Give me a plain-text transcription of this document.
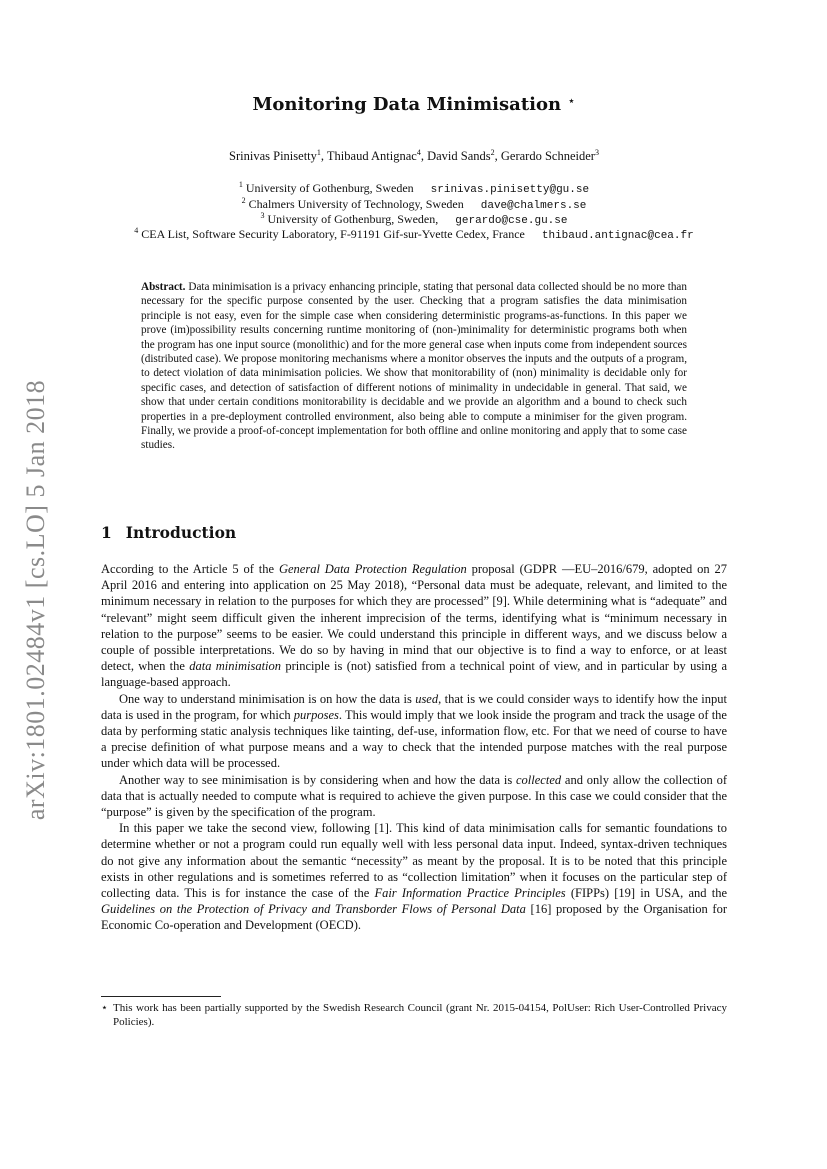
arXiv:1801.02484v1 [cs.LO] 5 Jan 2018
Monitoring Data Minimisation ⋆
Srinivas Pinisetty$^1$, Thibaud Antignac$^4$, David Sands$^2$, Gerardo Schneider$^3$
$^1$ University of Gothenburg, Sweden srinivas.pinisetty@gu.se
$^2$ Chalmers University of Technology, Sweden dave@chalmers.se
$^3$ University of Gothenburg, Sweden, gerardo@cse.gu.se
$^4$ CEA List, Software Security Laboratory, F-91191 Gif-sur-Yvette Cedex, France thibaud.antignac@cea.fr

Abstract. Data minimisation is a privacy enhancing principle, stating that personal data collected should be no more than necessary for the specific purpose consented by the user. Checking that a program satisfies the data minimisation principle is not easy, even for the simple case when considering deterministic programs-as-functions. In this paper we prove (im)possibility results concerning runtime monitoring of (non-)minimality for deterministic programs both when the program has one input source (monolithic) and for the more general case when inputs come from independent sources (distributed case). We propose monitoring mechanisms where a monitor observes the inputs and the outputs of a program, to detect violation of data minimisation policies. We show that monitorability of (non) minimality is decidable only for specific cases, and detection of satisfaction of different notions of minimality in undecidable in general. That said, we show that under certain conditions monitorability is decidable and we provide an algorithm and a bound to check such properties in a pre-deployment controlled environment, also being able to compute a minimiser for the given program. Finally, we provide a proof-of-concept implementation for both offline and online monitoring and apply that to some case studies.

1 Introduction

According to the Article 5 of the General Data Protection Regulation proposal (GDPR —EU–2016/679, adopted on 27 April 2016 and entering into application on 25 May 2018), “Personal data must be adequate, relevant, and limited to the minimum necessary in relation to the purposes for which they are processed” [9]. While determining what is “adequate” and “relevant” might seem difficult given the inherent imprecision of the terms, identifying what is “minimum necessary in relation to the purpose” seems to be easier. We could understand this principle in different ways, and we discuss below a couple of possible interpretations. We do so by having in mind that our objective is to find a way to enforce, or at least detect, when the data minimisation principle is (not) satisfied from a technical point of view, and in particular by using a language-based approach.

One way to understand minimisation is on how the data is used, that is we could consider ways to identify how the input data is used in the program, for which purposes. This would imply that we look inside the program and track the usage of the data by performing static analysis techniques like tainting, def-use, information flow, etc. For that we need of course to have a precise definition of what purpose means and a way to check that the intended purpose matches with the real purpose under which data will be processed.

Another way to see minimisation is by considering when and how the data is collected and only allow the collection of data that is actually needed to compute what is required to achieve the given purpose. In this case we could consider that the “purpose” is given by the specification of the program.

In this paper we take the second view, following [1]. This kind of data minimisation calls for semantic foundations to determine whether or not a program could run equally well with less personal data input. Indeed, syntax-driven techniques do not give any information about the semantic “necessity” as meant by the proposal. It is to be noted that this principle exists in other regulations and is sometimes referred to as “collection limitation” when it focuses on the particular step of collecting data. This is for instance the case of the Fair Information Practice Principles (FIPPs) [19] in USA, and the Guidelines on the Protection of Privacy and Transborder Flows of Personal Data [16] proposed by the Organisation for Economic Co-operation and Development (OECD).

⋆ This work has been partially supported by the Swedish Research Council (grant Nr. 2015-04154, PolUser: Rich User-Controlled Privacy Policies).
